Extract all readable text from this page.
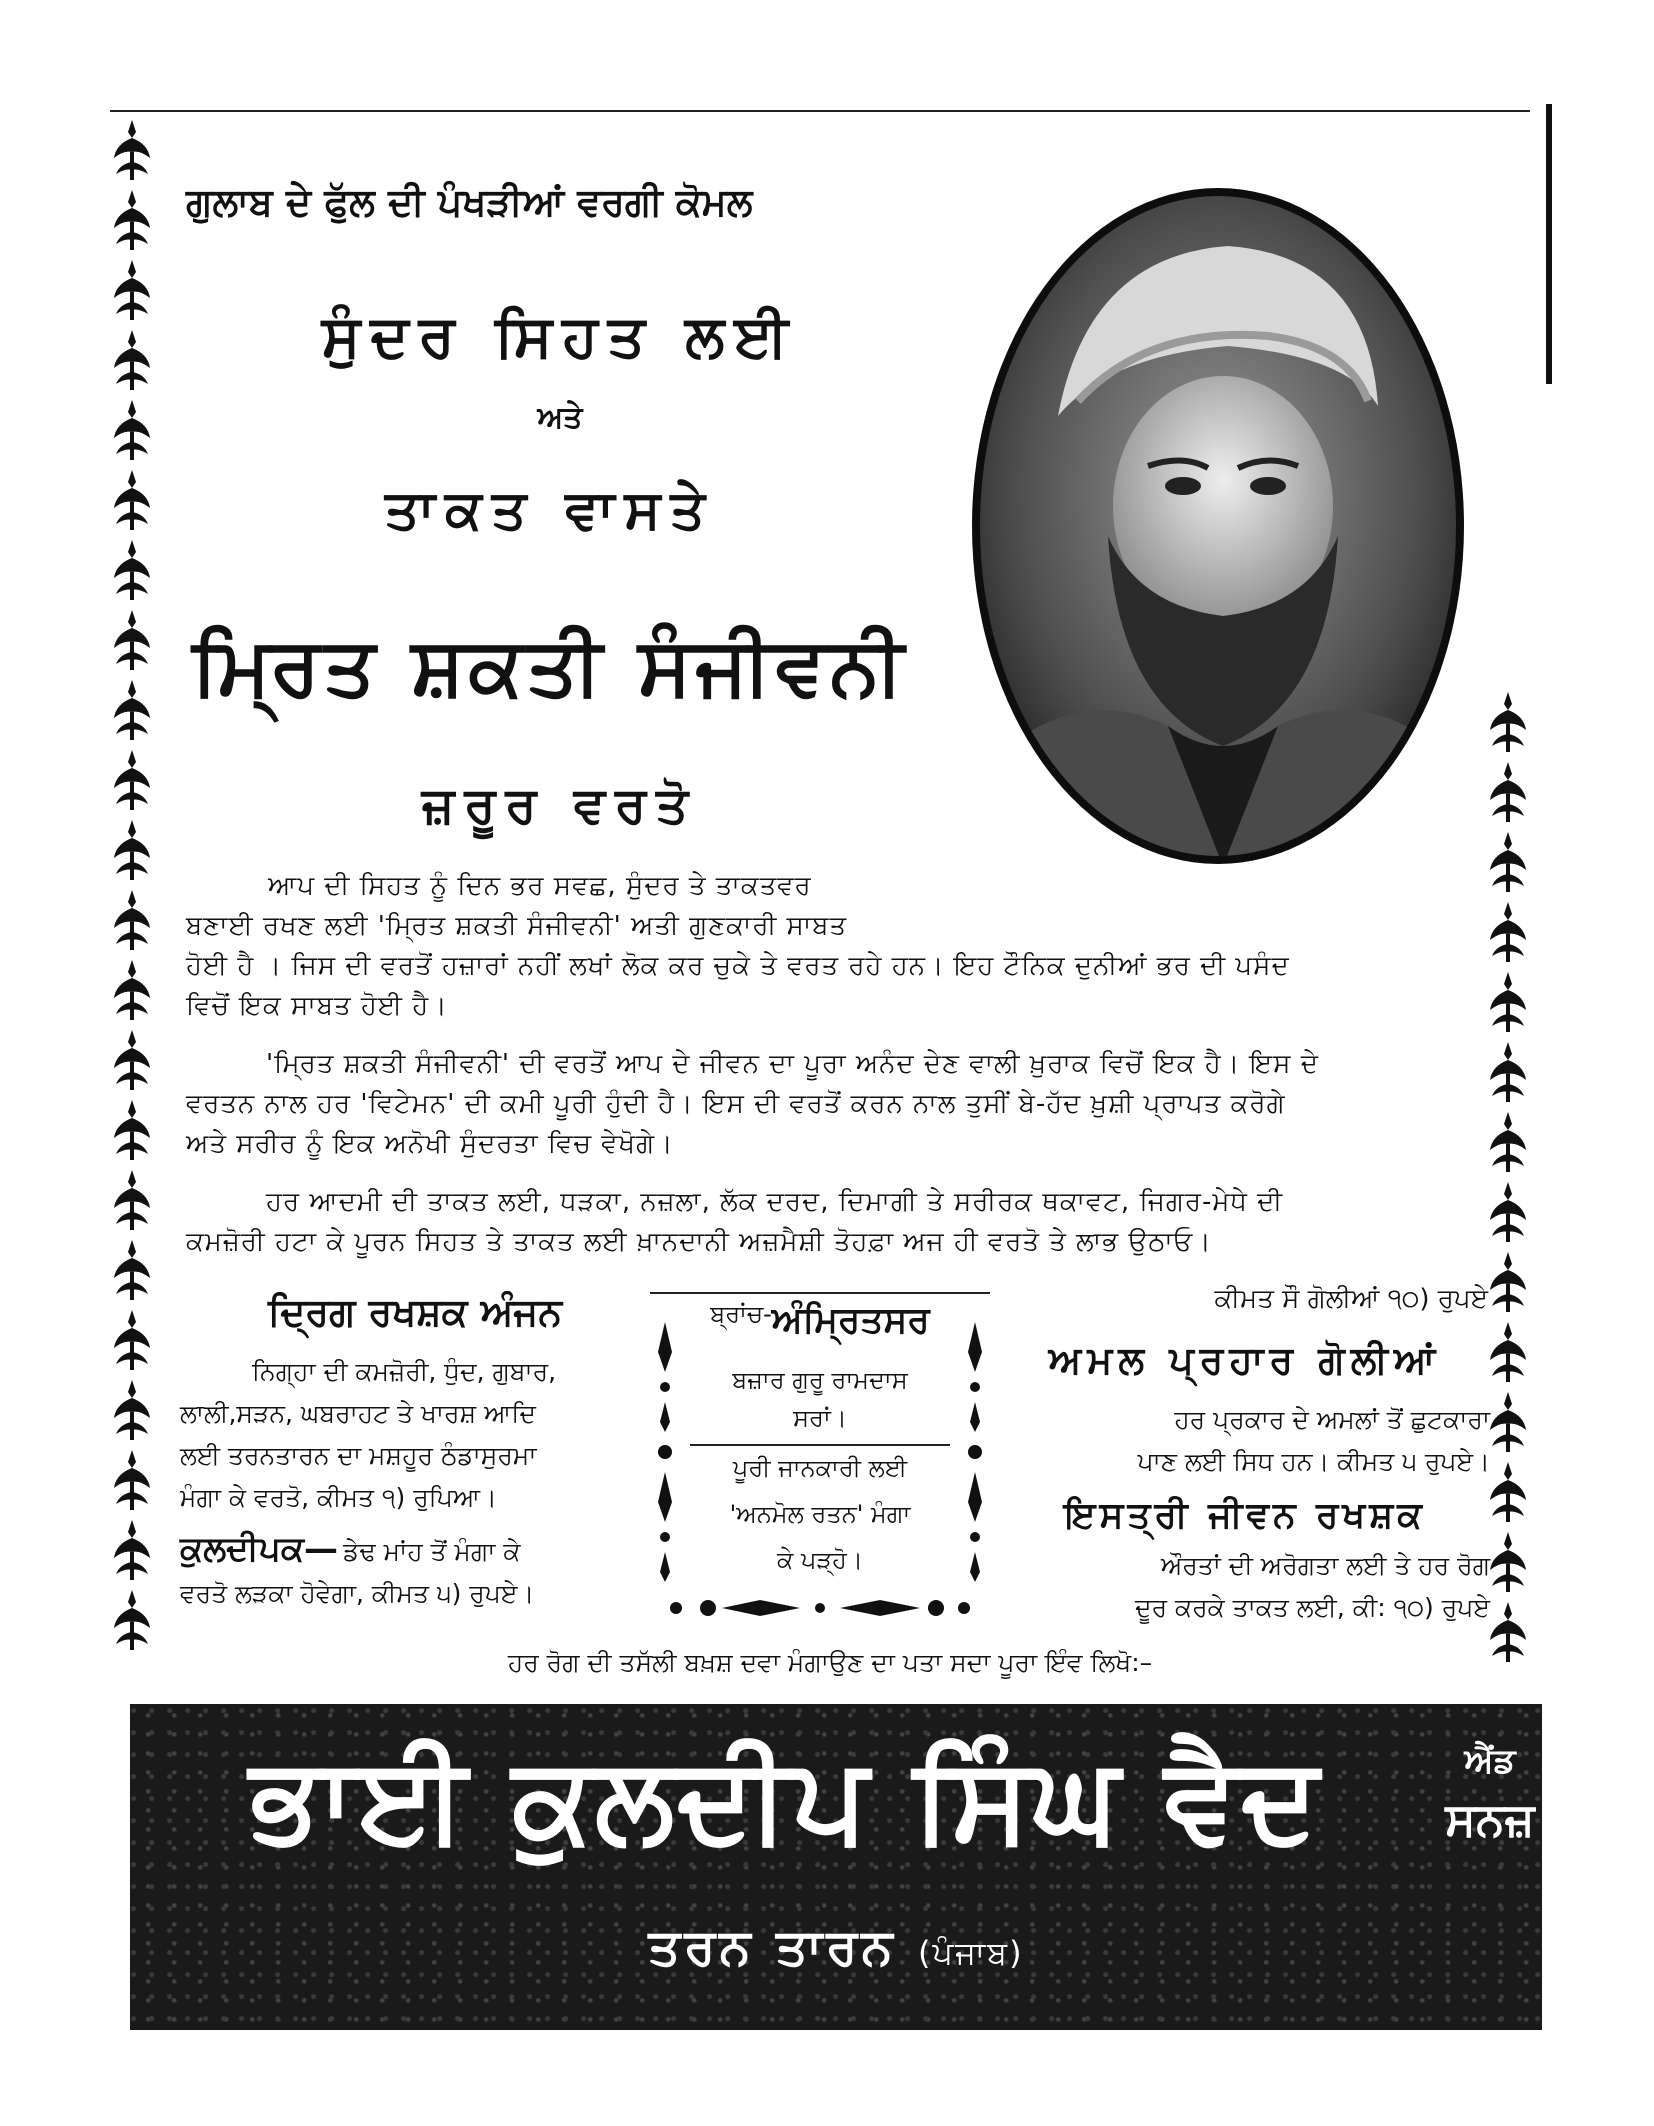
ਗੁਲਾਬ ਦੇ ਫੁੱਲ ਦੀ ਪੰਖੜੀਆਂ ਵਰਗੀ ਕੋਮਲ
ਸੁੰਦਰ ਸਿਹਤ ਲਈ
ਅਤੇ
ਤਾਕਤ ਵਾਸਤੇ
ਮ੍ਰਿਤ ਸ਼ਕਤੀ ਸੰਜੀਵਨੀ
ਜ਼ਰੂਰ ਵਰਤੋ
ਆਪ ਦੀ ਸਿਹਤ ਨੂੰ ਦਿਨ ਭਰ ਸਵਛ, ਸੁੰਦਰ ਤੇ ਤਾਕਤਵਰ
ਬਣਾਈ ਰਖਣ ਲਈ 'ਮ੍ਰਿਤ ਸ਼ਕਤੀ ਸੰਜੀਵਨੀ' ਅਤੀ ਗੁਣਕਾਰੀ ਸਾਬਤ
ਹੋਈ ਹੈ । ਜਿਸ ਦੀ ਵਰਤੋਂ ਹਜ਼ਾਰਾਂ ਨਹੀਂ ਲਖਾਂ ਲੋਕ ਕਰ ਚੁਕੇ ਤੇ ਵਰਤ ਰਹੇ ਹਨ। ਇਹ ਟੌਨਿਕ ਦੁਨੀਆਂ ਭਰ ਦੀ ਪਸੰਦ
ਵਿਚੋਂ ਇਕ ਸਾਬਤ ਹੋਈ ਹੈ।
'ਮ੍ਰਿਤ ਸ਼ਕਤੀ ਸੰਜੀਵਨੀ' ਦੀ ਵਰਤੋਂ ਆਪ ਦੇ ਜੀਵਨ ਦਾ ਪੂਰਾ ਅਨੰਦ ਦੇਣ ਵਾਲੀ ਖ਼ੁਰਾਕ ਵਿਚੋਂ ਇਕ ਹੈ। ਇਸ ਦੇ
ਵਰਤਨ ਨਾਲ ਹਰ 'ਵਿਟੇਮਨ' ਦੀ ਕਮੀ ਪੂਰੀ ਹੁੰਦੀ ਹੈ। ਇਸ ਦੀ ਵਰਤੋਂ ਕਰਨ ਨਾਲ ਤੁਸੀਂ ਬੇ-ਹੱਦ ਖ਼ੁਸ਼ੀ ਪ੍ਰਾਪਤ ਕਰੋਗੇ
ਅਤੇ ਸਰੀਰ ਨੂੰ ਇਕ ਅਨੋਖੀ ਸੁੰਦਰਤਾ ਵਿਚ ਵੇਖੋਗੇ।
ਹਰ ਆਦਮੀ ਦੀ ਤਾਕਤ ਲਈ, ਧੜਕਾ, ਨਜ਼ਲਾ, ਲੱਕ ਦਰਦ, ਦਿਮਾਗੀ ਤੇ ਸਰੀਰਕ ਥਕਾਵਟ, ਜਿਗਰ-ਮੇਧੇ ਦੀ
ਕਮਜ਼ੋਰੀ ਹਟਾ ਕੇ ਪੂਰਨ ਸਿਹਤ ਤੇ ਤਾਕਤ ਲਈ ਖ਼ਾਨਦਾਨੀ ਅਜ਼ਮੈਸ਼ੀ ਤੋਹਫ਼ਾ ਅਜ ਹੀ ਵਰਤੋ ਤੇ ਲਾਭ ਉਠਾਓ।
ਕੀਮਤ ਸੌ ਗੋਲੀਆਂ ੧੦) ਰੁਪਏ
ਦ੍ਰਿਗ ਰਖਸ਼ਕ ਅੰਜਨ
ਨਿਗ੍ਹਾ ਦੀ ਕਮਜ਼ੋਰੀ, ਧੁੰਦ, ਗੁਬਾਰ,
ਲਾਲੀ,ਸੜਨ, ਘਬਰਾਹਟ ਤੇ ਖਾਰਸ਼ ਆਦਿ
ਲਈ ਤਰਨਤਾਰਨ ਦਾ ਮਸ਼ਹੂਰ ਠੰਡਾਸੁਰਮਾ
ਮੰਗਾ ਕੇ ਵਰਤੋ, ਕੀਮਤ ੧) ਰੁਪਿਆ।
ਕੁਲਦੀਪਕ— ਡੇਢ ਮਾਂਹ ਤੋਂ ਮੰਗਾ ਕੇ
ਵਰਤੋ ਲੜਕਾ ਹੋਵੇਗਾ, ਕੀਮਤ ੫) ਰੁਪਏ।
ਬ੍ਰਾਂਚ-ਅੰਮ੍ਰਿਤਸਰ
ਬਜ਼ਾਰ ਗੁਰੂ ਰਾਮਦਾਸ
ਸਰਾਂ।
ਪੂਰੀ ਜਾਨਕਾਰੀ ਲਈ
'ਅਨਮੋਲ ਰਤਨ' ਮੰਗਾ
ਕੇ ਪੜ੍ਹੋ।
ਅਮਲ ਪ੍ਰਹਾਰ ਗੋਲੀਆਂ
ਹਰ ਪ੍ਰਕਾਰ ਦੇ ਅਮਲਾਂ ਤੋਂ ਛੁਟਕਾਰਾ
ਪਾਣ ਲਈ ਸਿਧ ਹਨ। ਕੀਮਤ ੫ ਰੁਪਏ।
ਇਸਤ੍ਰੀ ਜੀਵਨ ਰਖਸ਼ਕ
ਔਰਤਾਂ ਦੀ ਅਰੋਗਤਾ ਲਈ ਤੇ ਹਰ ਰੋਗ
ਦੂਰ ਕਰਕੇ ਤਾਕਤ ਲਈ, ਕੀ: ੧੦) ਰੁਪਏ
ਹਰ ਰੋਗ ਦੀ ਤਸੱਲੀ ਬਖ਼ਸ਼ ਦਵਾ ਮੰਗਾਉਣ ਦਾ ਪਤਾ ਸਦਾ ਪੂਰਾ ਇੰਵ ਲਿਖੋ:–
ਭਾਈ ਕੁਲਦੀਪ ਸਿੰਘ ਵੈਦ	ਐਂਡ
ਸਨਜ਼
ਤਰਨ ਤਾਰਨ (ਪੰਜਾਬ)
